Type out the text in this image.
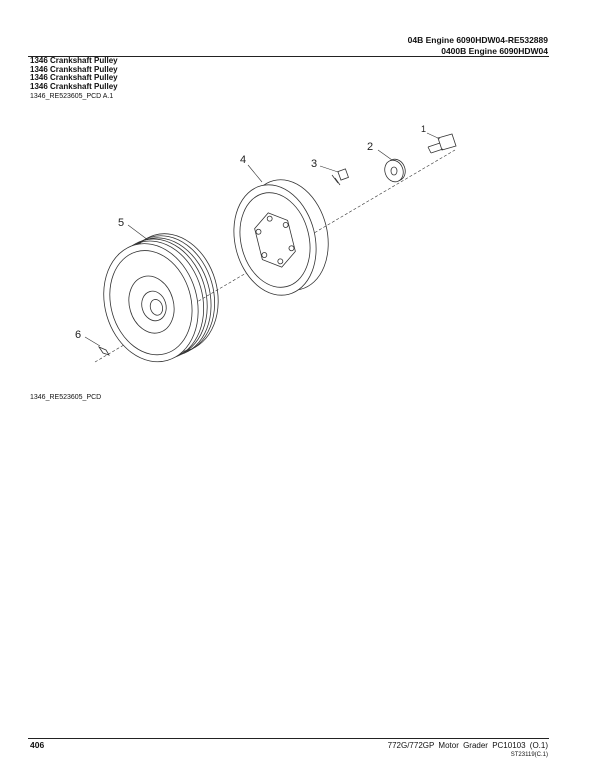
04B Engine 6090HDW04-RE532889
0400B Engine 6090HDW04
1346 Crankshaft Pulley
1346 Crankshaft Pulley
1346 Crankshaft Pulley
1346 Crankshaft Pulley
1346_RE523605_PCD A.1
1
2
3
4
5
6
1346_RE523605_PCD
406	772G/772GP Motor Grader PC10103 (O.1)
ST23119(C.1)
